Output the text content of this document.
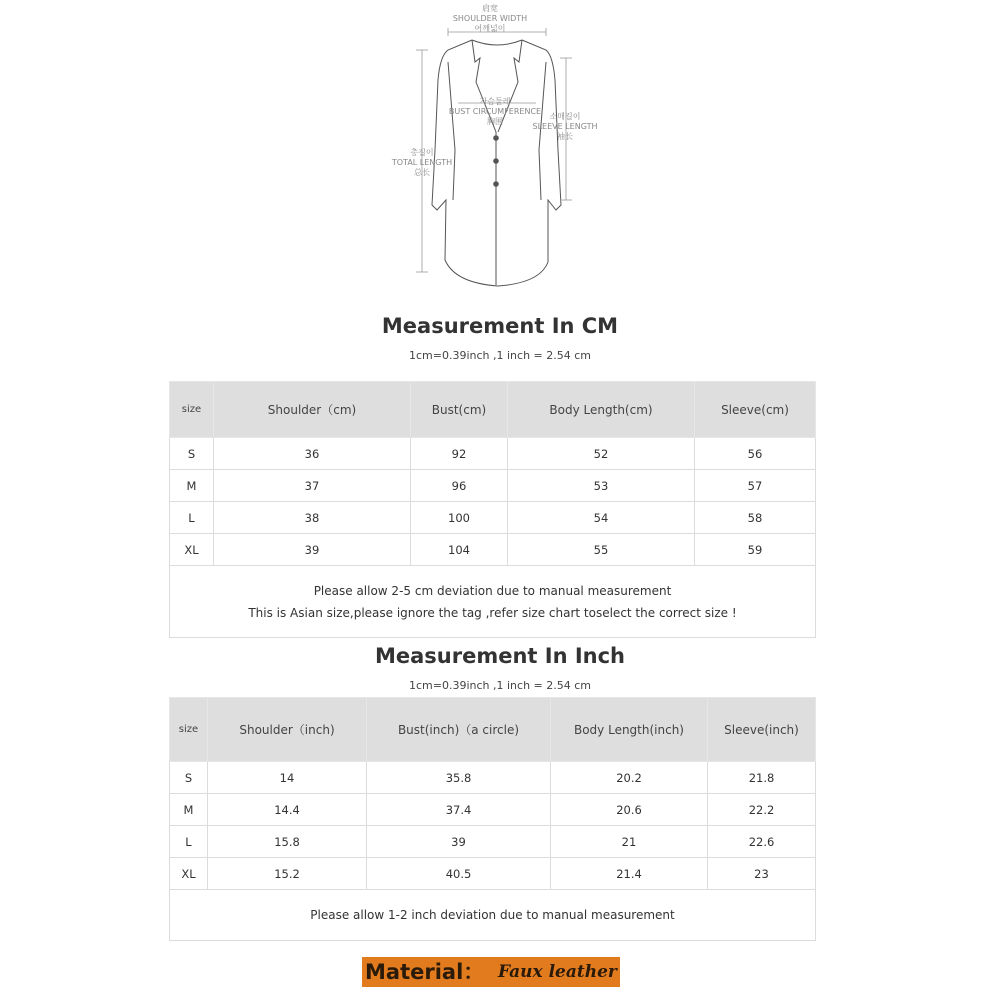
肩宽
SHOULDER WIDTH
어깨넓이
가슴둘레
BUST CIRCUMFERENCE
胸围
소매길이
SLEEVE LENGTH
袖长
총길이
TOTAL LENGTH
总长
Measurement In CM
1cm=0.39inch ,1 inch = 2.54 cm
size	Shoulder（cm)	Bust(cm)	Body Length(cm)	Sleeve(cm)
S	36	92	52	56
M	37	96	53	57
L	38	100	54	58
XL	39	104	55	59

Please allow 2-5 cm deviation due to manual measurement
This is Asian size,please ignore the tag ,refer size chart toselect the correct size !				
Measurement In Inch
1cm=0.39inch ,1 inch = 2.54 cm
size	Shoulder（inch)	Bust(inch)（a circle)	Body Length(inch)	Sleeve(inch)
S	14	35.8	20.2	21.8
M	14.4	37.4	20.6	22.2
L	15.8	39	21	22.6
XL	15.2	40.5	21.4	23
Please allow 1-2 inch deviation due to manual measurement				
Material： Faux leather
